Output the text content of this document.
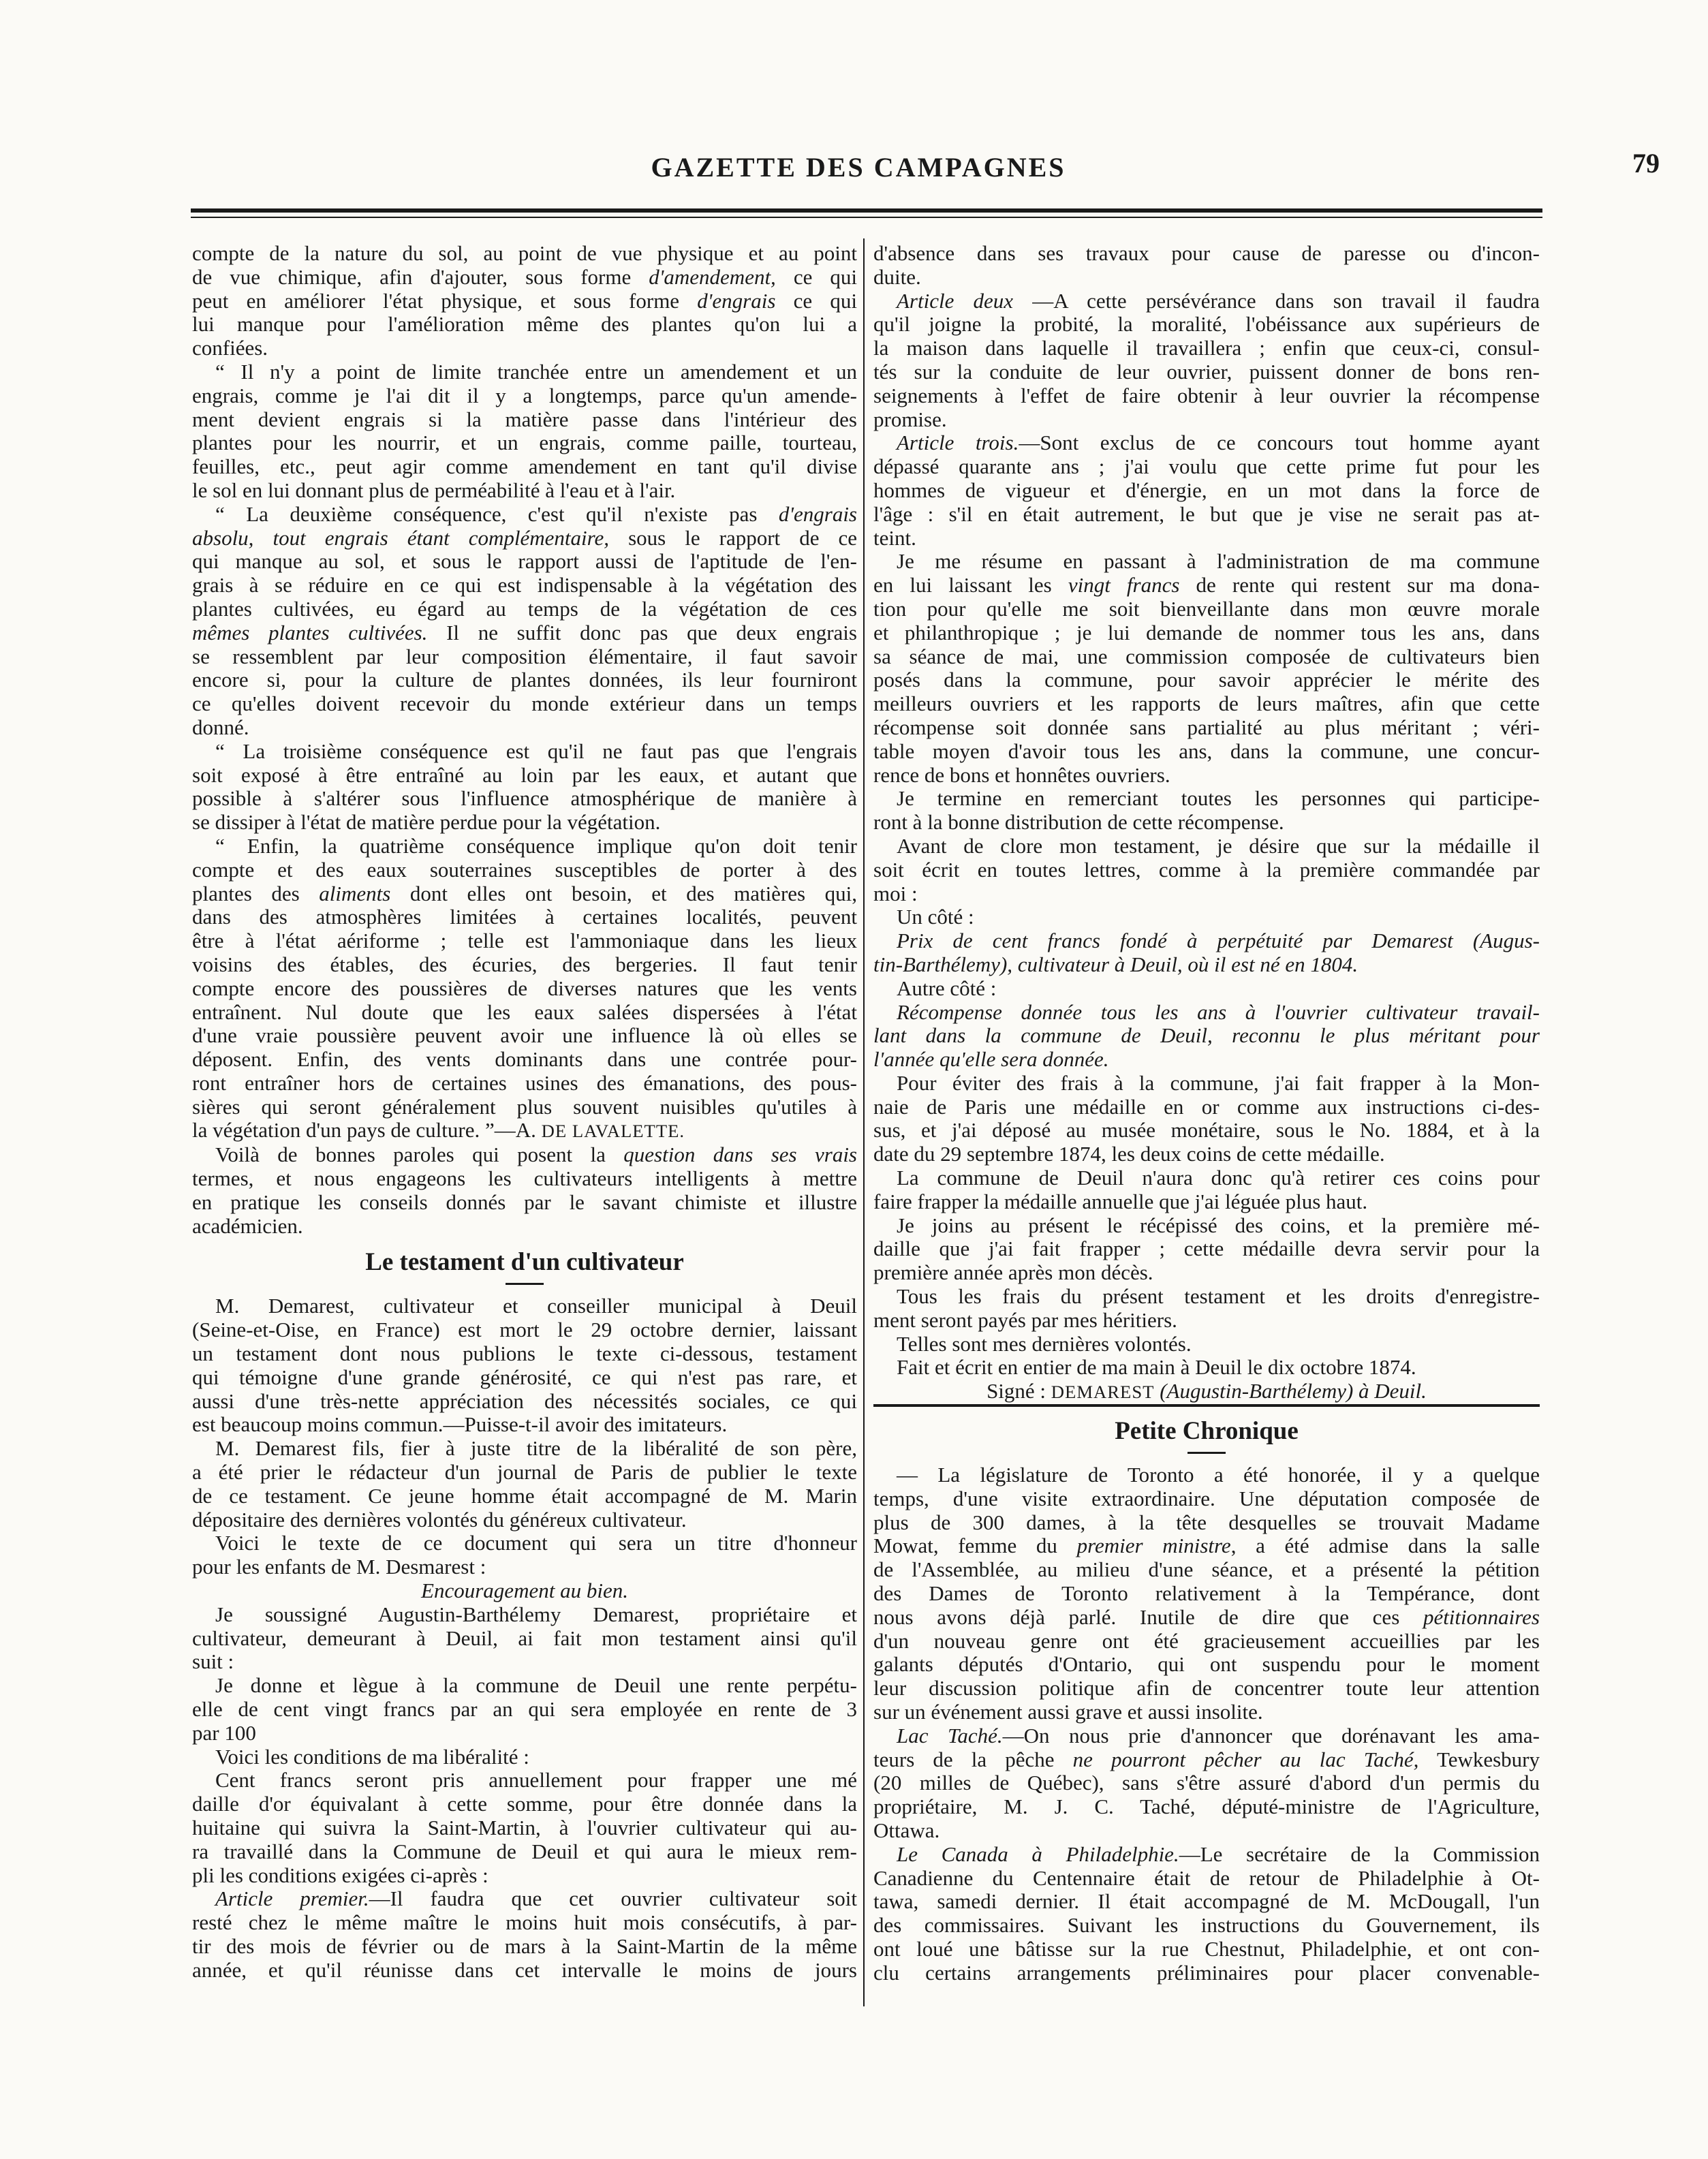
GAZETTE DES CAMPAGNES	79
compte de la nature du sol, au point de vue physique et au point
de vue chimique, afin d'ajouter, sous forme d'amendement, ce qui
peut en améliorer l'état physique, et sous forme d'engrais ce qui
lui manque pour l'amélioration même des plantes qu'on lui a
confiées.
“ Il n'y a point de limite tranchée entre un amendement et un
engrais, comme je l'ai dit il y a longtemps, parce qu'un amende-
ment devient engrais si la matière passe dans l'intérieur des
plantes pour les nourrir, et un engrais, comme paille, tourteau,
feuilles, etc., peut agir comme amendement en tant qu'il divise
le sol en lui donnant plus de perméabilité à l'eau et à l'air.
“ La deuxième conséquence, c'est qu'il n'existe pas d'engrais
absolu, tout engrais étant complémentaire, sous le rapport de ce
qui manque au sol, et sous le rapport aussi de l'aptitude de l'en-
grais à se réduire en ce qui est indispensable à la végétation des
plantes cultivées, eu égard au temps de la végétation de ces
mêmes plantes cultivées. Il ne suffit donc pas que deux engrais
se ressemblent par leur composition élémentaire, il faut savoir
encore si, pour la culture de plantes données, ils leur fourniront
ce qu'elles doivent recevoir du monde extérieur dans un temps
donné.
“ La troisième conséquence est qu'il ne faut pas que l'engrais
soit exposé à être entraîné au loin par les eaux, et autant que
possible à s'altérer sous l'influence atmosphérique de manière à
se dissiper à l'état de matière perdue pour la végétation.
“ Enfin, la quatrième conséquence implique qu'on doit tenir
compte et des eaux souterraines susceptibles de porter à des
plantes des aliments dont elles ont besoin, et des matières qui,
dans des atmosphères limitées à certaines localités, peuvent
être à l'état aériforme ; telle est l'ammoniaque dans les lieux
voisins des étables, des écuries, des bergeries. Il faut tenir
compte encore des poussières de diverses natures que les vents
entraînent. Nul doute que les eaux salées dispersées à l'état
d'une vraie poussière peuvent avoir une influence là où elles se
déposent. Enfin, des vents dominants dans une contrée pour-
ront entraîner hors de certaines usines des émanations, des pous-
sières qui seront généralement plus souvent nuisibles qu'utiles à
la végétation d'un pays de culture. ”—A. DE LAVALETTE.
Voilà de bonnes paroles qui posent la question dans ses vrais
termes, et nous engageons les cultivateurs intelligents à mettre
en pratique les conseils donnés par le savant chimiste et illustre
académicien.
Le testament d'un cultivateur
M. Demarest, cultivateur et conseiller municipal à Deuil
(Seine-et-Oise, en France) est mort le 29 octobre dernier, laissant
un testament dont nous publions le texte ci-dessous, testament
qui témoigne d'une grande générosité, ce qui n'est pas rare, et
aussi d'une très-nette appréciation des nécessités sociales, ce qui
est beaucoup moins commun.—Puisse-t-il avoir des imitateurs.
M. Demarest fils, fier à juste titre de la libéralité de son père,
a été prier le rédacteur d'un journal de Paris de publier le texte
de ce testament. Ce jeune homme était accompagné de M. Marin
dépositaire des dernières volontés du généreux cultivateur.
Voici le texte de ce document qui sera un titre d'honneur
pour les enfants de M. Desmarest :
Encouragement au bien.
Je soussigné Augustin-Barthélemy Demarest, propriétaire et
cultivateur, demeurant à Deuil, ai fait mon testament ainsi qu'il
suit :
Je donne et lègue à la commune de Deuil une rente perpétu-
elle de cent vingt francs par an qui sera employée en rente de 3
par 100
Voici les conditions de ma libéralité :
Cent francs seront pris annuellement pour frapper une mé
daille d'or équivalant à cette somme, pour être donnée dans la
huitaine qui suivra la Saint-Martin, à l'ouvrier cultivateur qui au-
ra travaillé dans la Commune de Deuil et qui aura le mieux rem-
pli les conditions exigées ci-après :
Article premier.—Il faudra que cet ouvrier cultivateur soit
resté chez le même maître le moins huit mois consécutifs, à par-
tir des mois de février ou de mars à la Saint-Martin de la même
année, et qu'il réunisse dans cet intervalle le moins de jours
d'absence dans ses travaux pour cause de paresse ou d'incon-
duite.
Article deux —A cette persévérance dans son travail il faudra
qu'il joigne la probité, la moralité, l'obéissance aux supérieurs de
la maison dans laquelle il travaillera ; enfin que ceux-ci, consul-
tés sur la conduite de leur ouvrier, puissent donner de bons ren-
seignements à l'effet de faire obtenir à leur ouvrier la récompense
promise.
Article trois.—Sont exclus de ce concours tout homme ayant
dépassé quarante ans ; j'ai voulu que cette prime fut pour les
hommes de vigueur et d'énergie, en un mot dans la force de
l'âge : s'il en était autrement, le but que je vise ne serait pas at-
teint.
Je me résume en passant à l'administration de ma commune
en lui laissant les vingt francs de rente qui restent sur ma dona-
tion pour qu'elle me soit bienveillante dans mon œuvre morale
et philanthropique ; je lui demande de nommer tous les ans, dans
sa séance de mai, une commission composée de cultivateurs bien
posés dans la commune, pour savoir apprécier le mérite des
meilleurs ouvriers et les rapports de leurs maîtres, afin que cette
récompense soit donnée sans partialité au plus méritant ; véri-
table moyen d'avoir tous les ans, dans la commune, une concur-
rence de bons et honnêtes ouvriers.
Je termine en remerciant toutes les personnes qui participe-
ront à la bonne distribution de cette récompense.
Avant de clore mon testament, je désire que sur la médaille il
soit écrit en toutes lettres, comme à la première commandée par
moi :
Un côté :
Prix de cent francs fondé à perpétuité par Demarest (Augus-
tin-Barthélemy), cultivateur à Deuil, où il est né en 1804.
Autre côté :
Récompense donnée tous les ans à l'ouvrier cultivateur travail-
lant dans la commune de Deuil, reconnu le plus méritant pour
l'année qu'elle sera donnée.
Pour éviter des frais à la commune, j'ai fait frapper à la Mon-
naie de Paris une médaille en or comme aux instructions ci-des-
sus, et j'ai déposé au musée monétaire, sous le No. 1884, et à la
date du 29 septembre 1874, les deux coins de cette médaille.
La commune de Deuil n'aura donc qu'à retirer ces coins pour
faire frapper la médaille annuelle que j'ai léguée plus haut.
Je joins au présent le récépissé des coins, et la première mé-
daille que j'ai fait frapper ; cette médaille devra servir pour la
première année après mon décès.
Tous les frais du présent testament et les droits d'enregistre-
ment seront payés par mes héritiers.
Telles sont mes dernières volontés.
Fait et écrit en entier de ma main à Deuil le dix octobre 1874.
Signé : DEMAREST (Augustin-Barthélemy) à Deuil.
Petite Chronique
— La législature de Toronto a été honorée, il y a quelque
temps, d'une visite extraordinaire. Une députation composée de
plus de 300 dames, à la tête desquelles se trouvait Madame
Mowat, femme du premier ministre, a été admise dans la salle
de l'Assemblée, au milieu d'une séance, et a présenté la pétition
des Dames de Toronto relativement à la Tempérance, dont
nous avons déjà parlé. Inutile de dire que ces pétitionnaires
d'un nouveau genre ont été gracieusement accueillies par les
galants députés d'Ontario, qui ont suspendu pour le moment
leur discussion politique afin de concentrer toute leur attention
sur un événement aussi grave et aussi insolite.
Lac Taché.—On nous prie d'annoncer que dorénavant les ama-
teurs de la pêche ne pourront pêcher au lac Taché, Tewkesbury
(20 milles de Québec), sans s'être assuré d'abord d'un permis du
propriétaire, M. J. C. Taché, député-ministre de l'Agriculture,
Ottawa.
Le Canada à Philadelphie.—Le secrétaire de la Commission
Canadienne du Centennaire était de retour de Philadelphie à Ot-
tawa, samedi dernier. Il était accompagné de M. McDougall, l'un
des commissaires. Suivant les instructions du Gouvernement, ils
ont loué une bâtisse sur la rue Chestnut, Philadelphie, et ont con-
clu certains arrangements préliminaires pour placer convenable-
